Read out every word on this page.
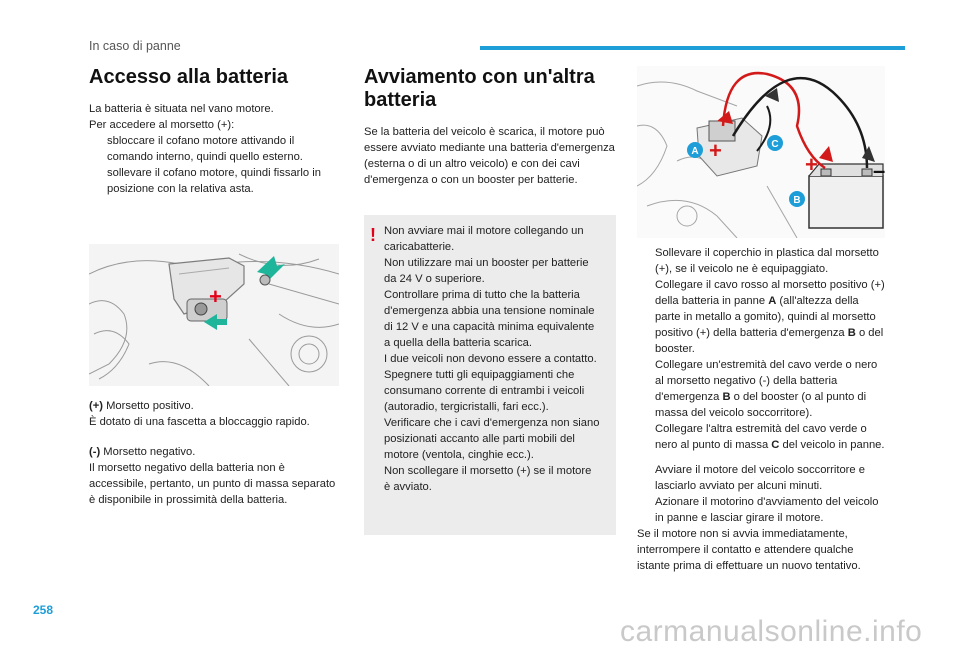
In caso di panne
Accesso alla batteria

La batteria è situata nel vano motore.

Per accedere al morsetto (+):

sbloccare il cofano motore attivando il comando interno, quindi quello esterno.
sollevare il cofano motore, quindi fissarlo in posizione con la relativa asta.
+

(+) Morsetto positivo.

È dotato di una fascetta a bloccaggio rapido.

(-) Morsetto negativo.

Il morsetto negativo della batteria non è accessibile, pertanto, un punto di massa separato è disponibile in prossimità della batteria.

Avviamento con un'altra batteria

Se la batteria del veicolo è scarica, il motore può essere avviato mediante una batteria d'emergenza (esterna o di un altro veicolo) e con dei cavi d'emergenza o con un booster per batterie.

! Non avviare mai il motore collegando un caricabatterie.
Non utilizzare mai un booster per batterie da 24 V o superiore.
Controllare prima di tutto che la batteria d'emergenza abbia una tensione nominale di 12 V e una capacità minima equivalente a quella della batteria scarica.
I due veicoli non devono essere a contatto.
Spegnere tutti gli equipaggiamenti che consumano corrente di entrambi i veicoli (autoradio, tergicristalli, fari ecc.).
Verificare che i cavi d'emergenza non siano posizionati accanto alle parti mobili del motore (ventola, cinghie ecc.).
Non scollegare il morsetto (+) se il motore è avviato.
+
+	–
A
C
B
Sollevare il coperchio in plastica dal morsetto (+), se il veicolo ne è equipaggiato.
Collegare il cavo rosso al morsetto positivo (+) della batteria in panne A (all'altezza della parte in metallo a gomito), quindi al morsetto positivo (+) della batteria d'emergenza B o del booster.
Collegare un'estremità del cavo verde o nero al morsetto negativo (-) della batteria d'emergenza B o del booster (o al punto di massa del veicolo soccorritore).
Collegare l'altra estremità del cavo verde o nero al punto di massa C del veicolo in panne.
Avviare il motore del veicolo soccorritore e lasciarlo avviato per alcuni minuti.
Azionare il motorino d'avviamento del veicolo in panne e lasciar girare il motore.

Se il motore non si avvia immediatamente, interrompere il contatto e attendere qualche istante prima di effettuare un nuovo tentativo.

258
carmanualsonline.info
